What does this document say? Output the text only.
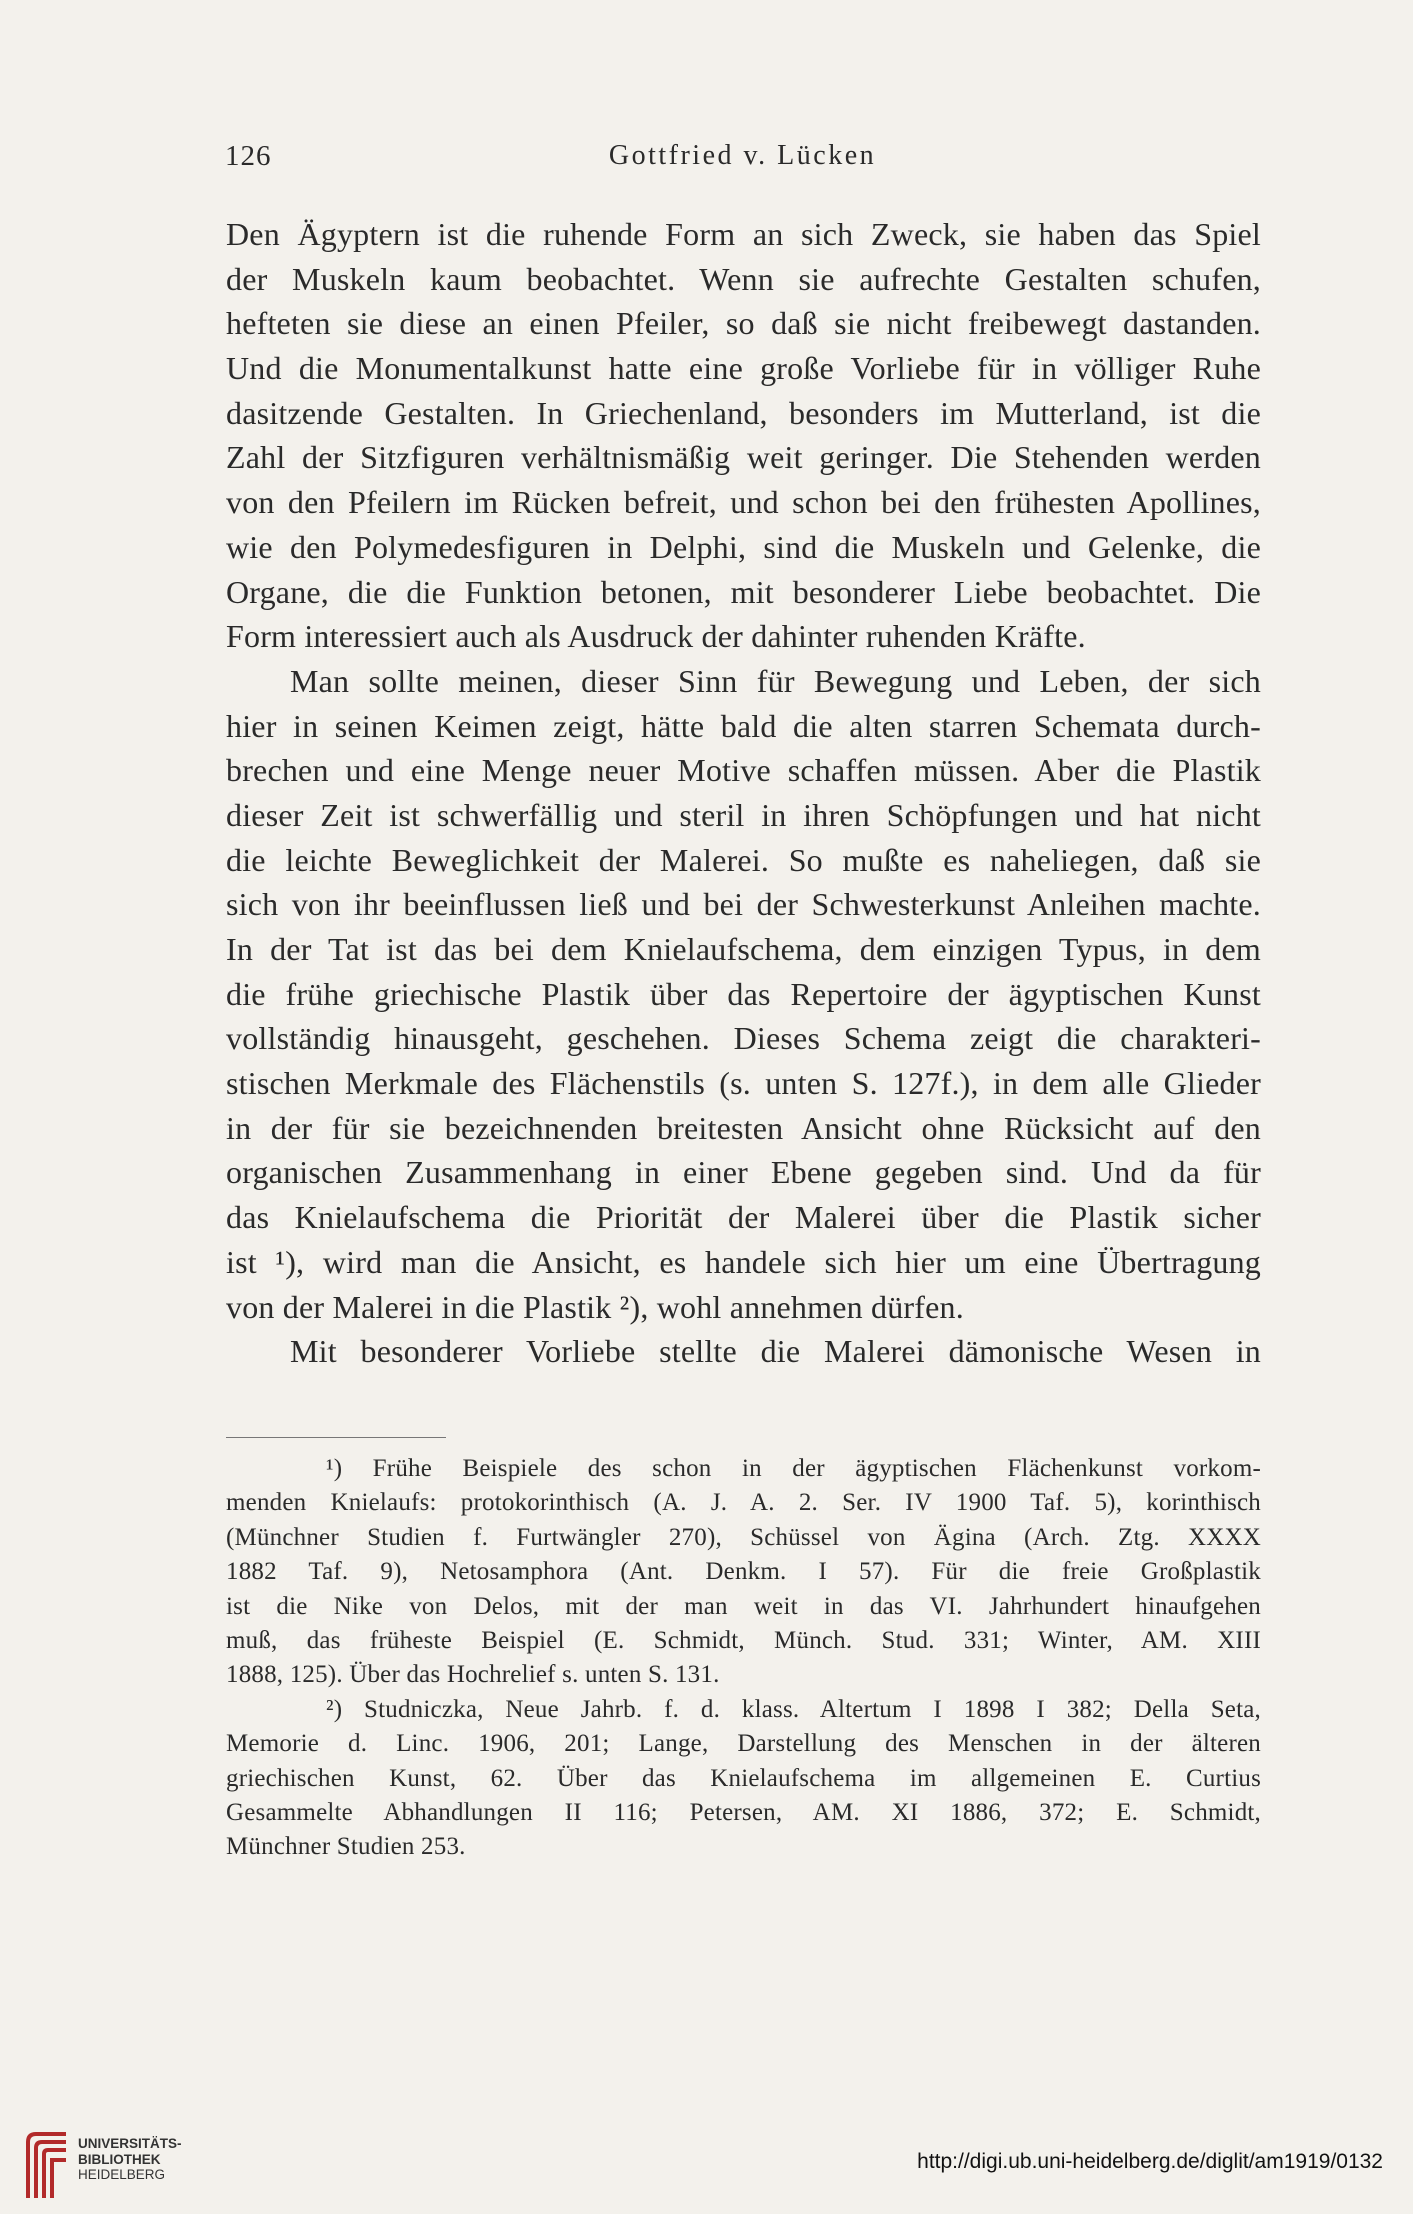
126	Gottfried v. Lücken
Den Ägyptern ist die ruhende Form an sich Zweck, sie haben das Spiel
der Muskeln kaum beobachtet. Wenn sie aufrechte Gestalten schufen,
hefteten sie diese an einen Pfeiler, so daß sie nicht freibewegt dastanden.
Und die Monumentalkunst hatte eine große Vorliebe für in völliger Ruhe
dasitzende Gestalten. In Griechenland, besonders im Mutterland, ist die
Zahl der Sitzfiguren verhältnismäßig weit geringer. Die Stehenden werden
von den Pfeilern im Rücken befreit, und schon bei den frühesten Apollines,
wie den Polymedesfiguren in Delphi, sind die Muskeln und Gelenke, die
Organe, die die Funktion betonen, mit besonderer Liebe beobachtet. Die
Form interessiert auch als Ausdruck der dahinter ruhenden Kräfte.
Man sollte meinen, dieser Sinn für Bewegung und Leben, der sich
hier in seinen Keimen zeigt, hätte bald die alten starren Schemata durch-
brechen und eine Menge neuer Motive schaffen müssen. Aber die Plastik
dieser Zeit ist schwerfällig und steril in ihren Schöpfungen und hat nicht
die leichte Beweglichkeit der Malerei. So mußte es naheliegen, daß sie
sich von ihr beeinflussen ließ und bei der Schwesterkunst Anleihen machte.
In der Tat ist das bei dem Knielaufschema, dem einzigen Typus, in dem
die frühe griechische Plastik über das Repertoire der ägyptischen Kunst
vollständig hinausgeht, geschehen. Dieses Schema zeigt die charakteri-
stischen Merkmale des Flächenstils (s. unten S. 127f.), in dem alle Glieder
in der für sie bezeichnenden breitesten Ansicht ohne Rücksicht auf den
organischen Zusammenhang in einer Ebene gegeben sind. Und da für
das Knielaufschema die Priorität der Malerei über die Plastik sicher
ist ¹), wird man die Ansicht, es handele sich hier um eine Übertragung
von der Malerei in die Plastik ²), wohl annehmen dürfen.
Mit besonderer Vorliebe stellte die Malerei dämonische Wesen in
¹) Frühe Beispiele des schon in der ägyptischen Flächenkunst vorkom-
menden Knielaufs: protokorinthisch (A. J. A. 2. Ser. IV 1900 Taf. 5), korinthisch
(Münchner Studien f. Furtwängler 270), Schüssel von Ägina (Arch. Ztg. XXXX
1882 Taf. 9), Netosamphora (Ant. Denkm. I 57). Für die freie Großplastik
ist die Nike von Delos, mit der man weit in das VI. Jahrhundert hinaufgehen
muß, das früheste Beispiel (E. Schmidt, Münch. Stud. 331; Winter, AM. XIII
1888, 125). Über das Hochrelief s. unten S. 131.
²) Studniczka, Neue Jahrb. f. d. klass. Altertum I 1898 I 382; Della Seta,
Memorie d. Linc. 1906, 201; Lange, Darstellung des Menschen in der älteren
griechischen Kunst, 62. Über das Knielaufschema im allgemeinen E. Curtius
Gesammelte Abhandlungen II 116; Petersen, AM. XI 1886, 372; E. Schmidt,
Münchner Studien 253.
UNIVERSITÄTS-
BIBLIOTHEK
HEIDELBERG
http://digi.ub.uni-heidelberg.de/diglit/am1919/0132
